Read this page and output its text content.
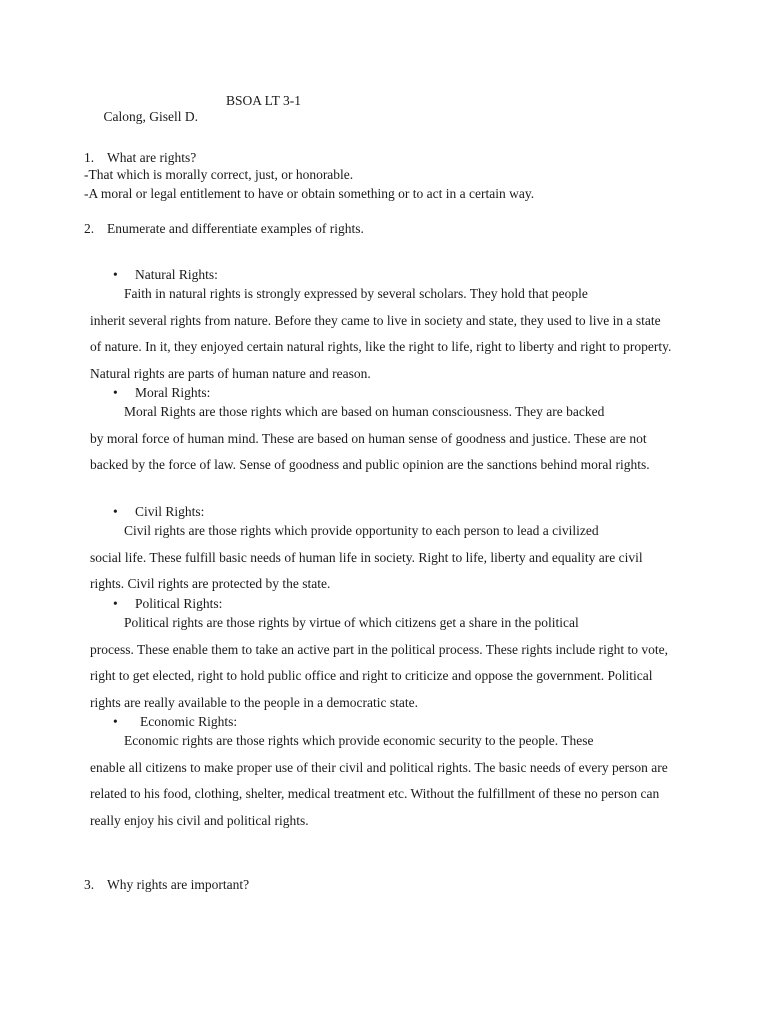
Calong, Gisell D.

BSOA LT 3-1

1. What are rights?
-That which is morally correct, just, or honorable.
-A moral or legal entitlement to have or obtain something or to act in a certain way.
2. Enumerate and differentiate examples of rights.
• Natural Rights:
Faith in natural rights is strongly expressed by several scholars. They hold that people
inherit several rights from nature. Before they came to live in society and state, they used to live in a state of nature. In it, they enjoyed certain natural rights, like the right to life, right to liberty and right to property. Natural rights are parts of human nature and reason.
• Moral Rights:
Moral Rights are those rights which are based on human consciousness. They are backed
by moral force of human mind. These are based on human sense of goodness and justice. These are not backed by the force of law. Sense of goodness and public opinion are the sanctions behind moral rights.
• Civil Rights:
Civil rights are those rights which provide opportunity to each person to lead a civilized
social life. These fulfill basic needs of human life in society. Right to life, liberty and equality are civil rights. Civil rights are protected by the state.
• Political Rights:
Political rights are those rights by virtue of which citizens get a share in the political
process. These enable them to take an active part in the political process. These rights include right to vote, right to get elected, right to hold public office and right to criticize and oppose the government. Political rights are really available to the people in a democratic state.
• Economic Rights:
Economic rights are those rights which provide economic security to the people. These
enable all citizens to make proper use of their civil and political rights. The basic needs of every person are related to his food, clothing, shelter, medical treatment etc. Without the fulfillment of these no person can really enjoy his civil and political rights.
3. Why rights are important?
